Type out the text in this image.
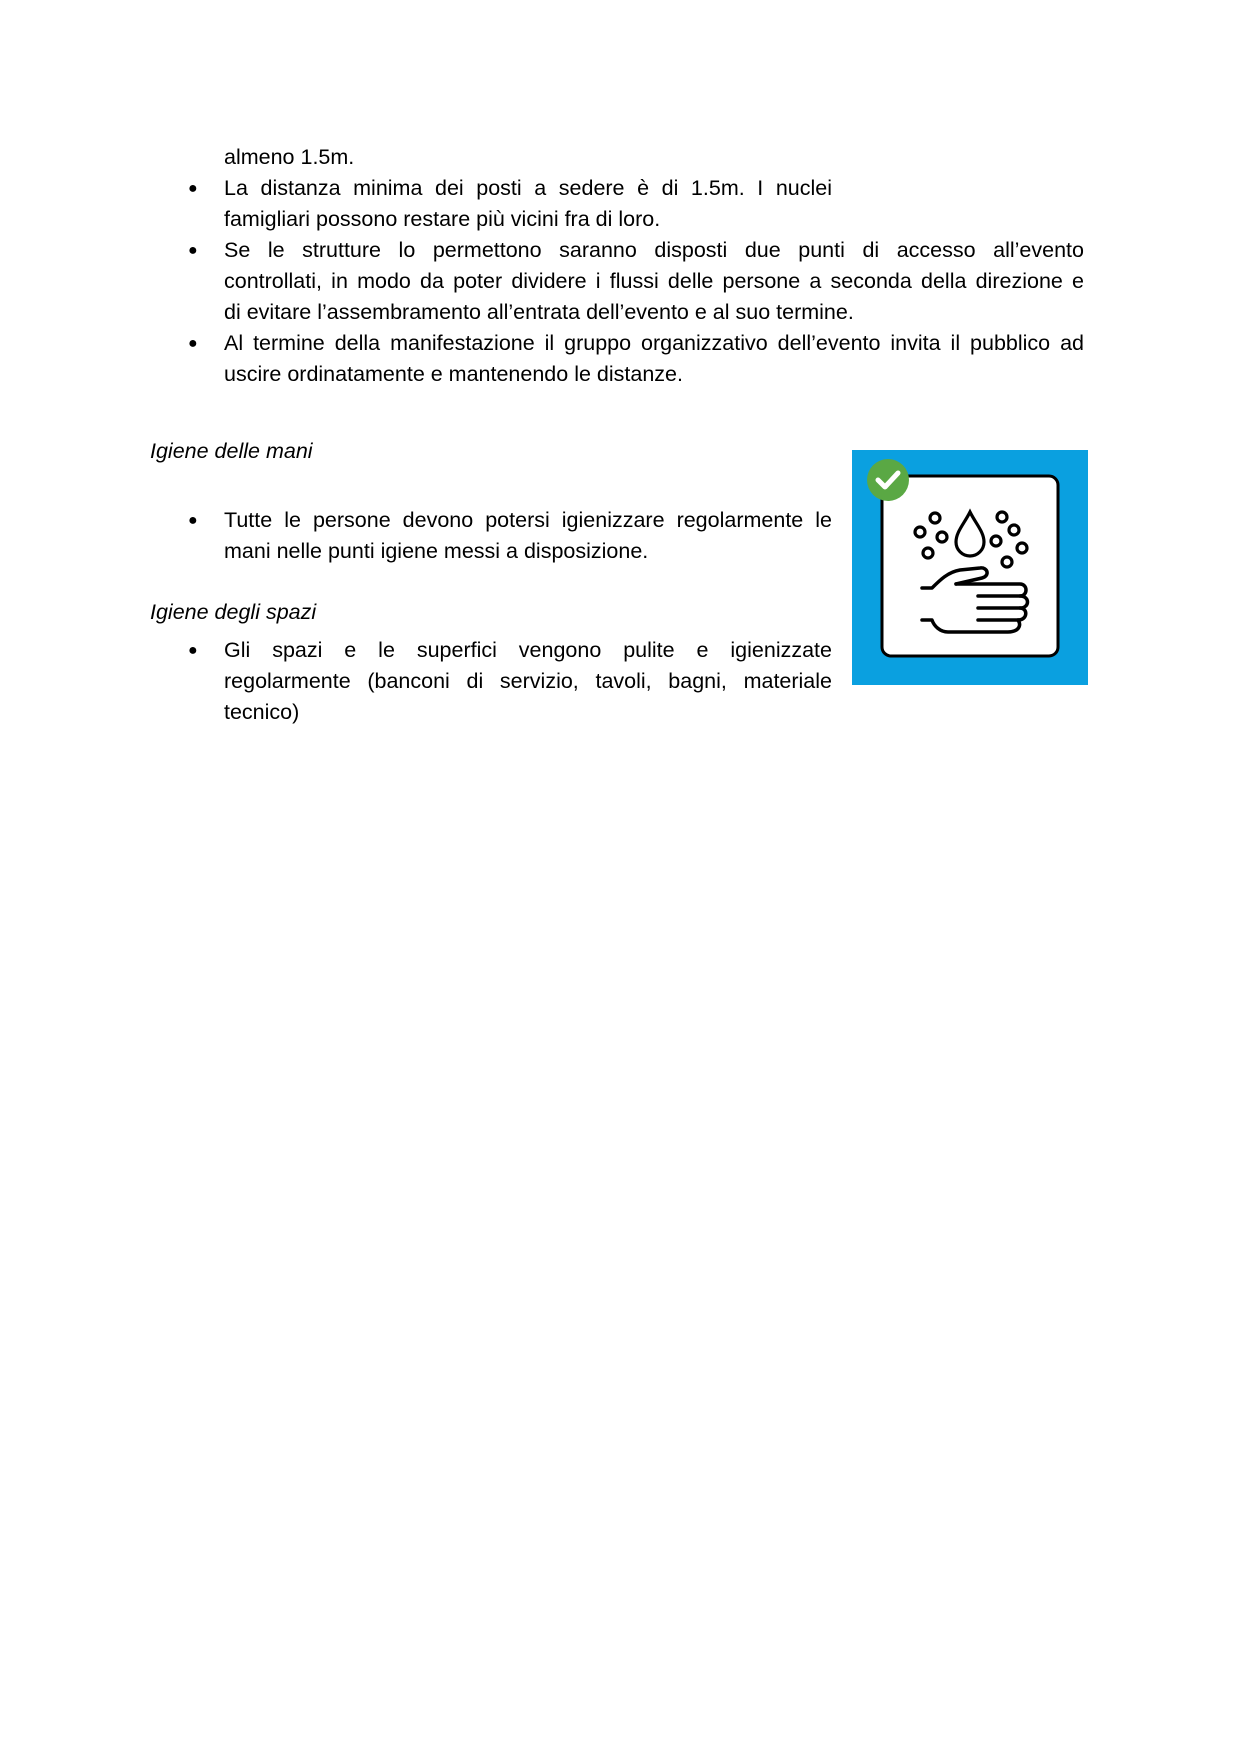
almeno 1.5m.
● La distanza minima dei posti a sedere è di 1.5m. I nuclei
famigliari possono restare più vicini fra di loro.
● Se le strutture lo permettono saranno disposti due punti di accesso all’evento
controllati, in modo da poter dividere i flussi delle persone a seconda della direzione e
di evitare l’assembramento all’entrata dell’evento e al suo termine.
● Al termine della manifestazione il gruppo organizzativo dell’evento invita il pubblico ad
uscire ordinatamente e mantenendo le distanze.
Igiene delle mani
● Tutte le persone devono potersi igienizzare regolarmente le
mani nelle punti igiene messi a disposizione.
Igiene degli spazi
● Gli spazi e le superfici vengono pulite e igienizzate
regolarmente (banconi di servizio, tavoli, bagni, materiale
tecnico)
